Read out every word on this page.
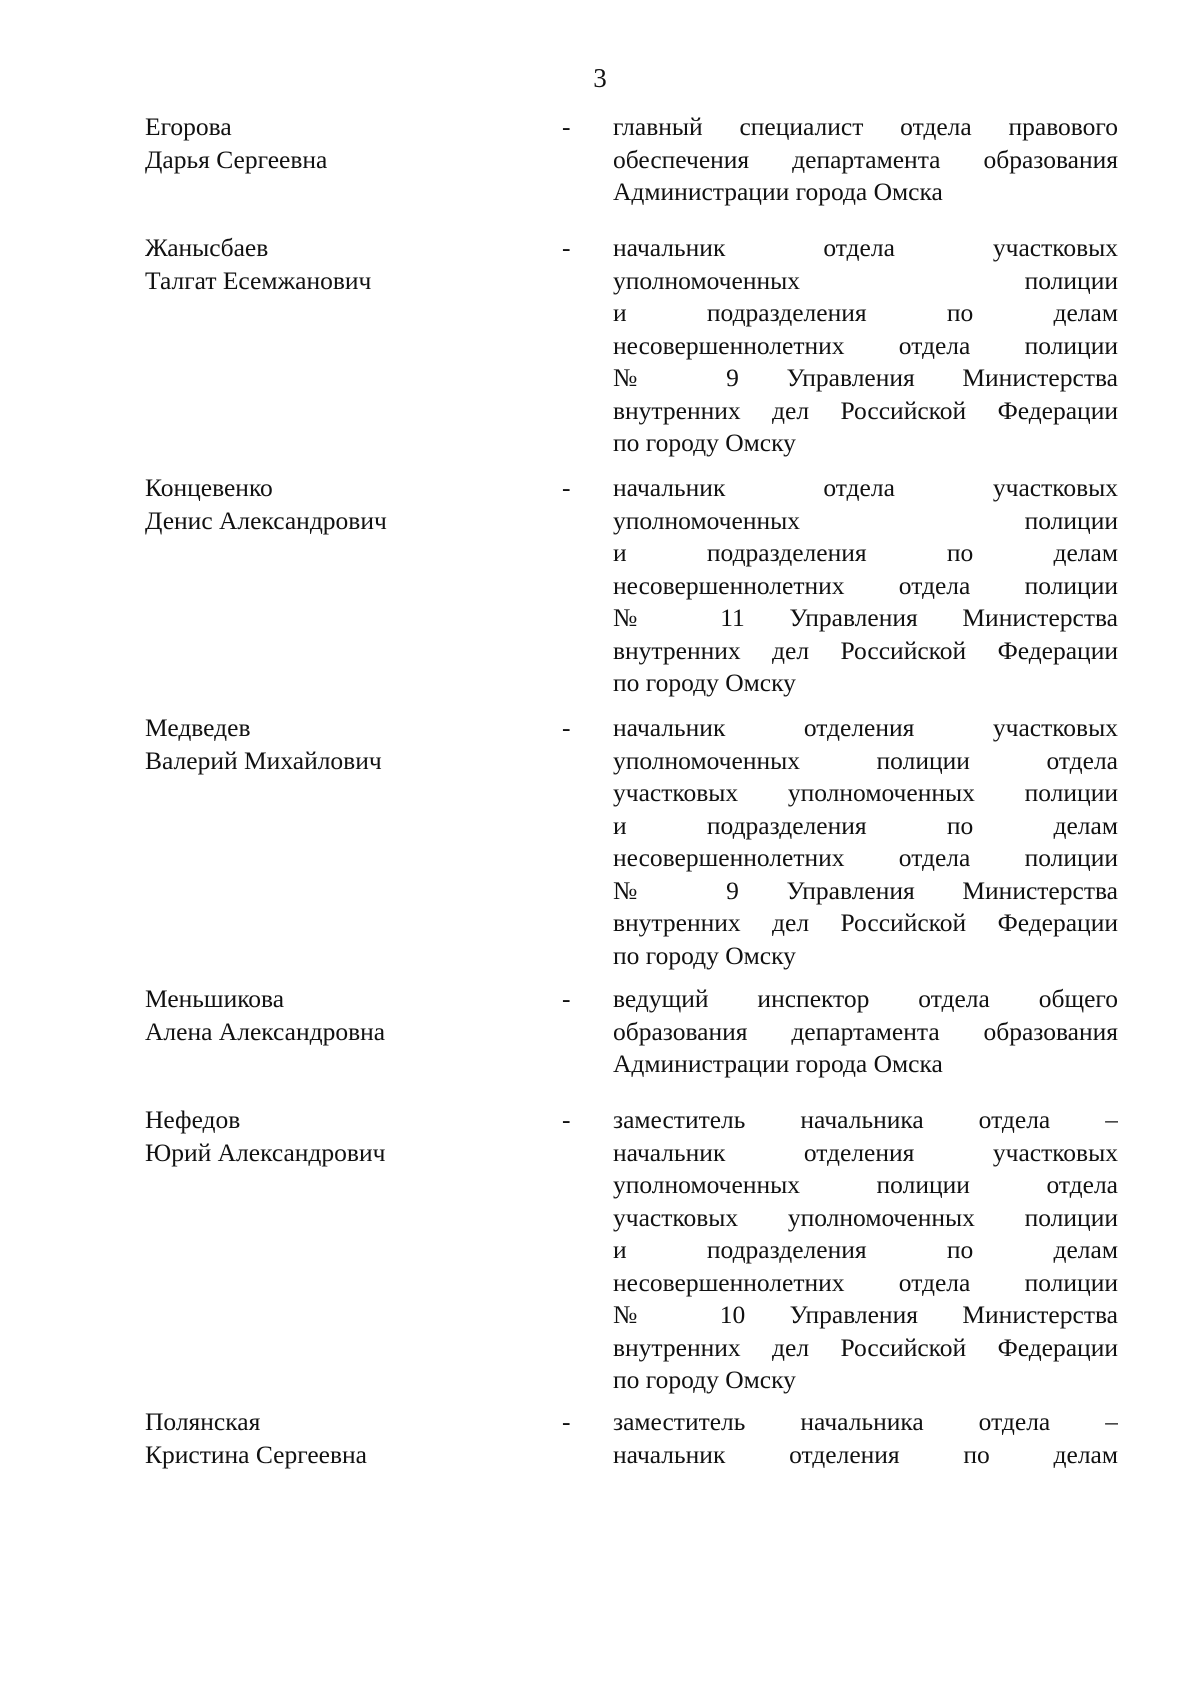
3
Егорова
Дарья Сергеевна
- главный специалист отдела правового
обеспечения департамента образования
Администрации города Омска
Жаныcбаев
Талгат Есемжанович
- начальник отдела участковых
уполномоченных полиции
и подразделения по делам
несовершеннолетних отдела полиции
№ 9 Управления Министерства
внутренних дел Российской Федерации
по городу Омску
Концевенко
Денис Александрович
- начальник отдела участковых
уполномоченных полиции
и подразделения по делам
несовершеннолетних отдела полиции
№ 11 Управления Министерства
внутренних дел Российской Федерации
по городу Омску
Медведев
Валерий Михайлович
- начальник отделения участковых
уполномоченных полиции отдела
участковых уполномоченных полиции
и подразделения по делам
несовершеннолетних отдела полиции
№ 9 Управления Министерства
внутренних дел Российской Федерации
по городу Омску
Меньшикова
Алена Александровна
- ведущий инспектор отдела общего
образования департамента образования
Администрации города Омска
Нефедов
Юрий Александрович
- заместитель начальника отдела –
начальник отделения участковых
уполномоченных полиции отдела
участковых уполномоченных полиции
и подразделения по делам
несовершеннолетних отдела полиции
№ 10 Управления Министерства
внутренних дел Российской Федерации
по городу Омску
Полянская
Кристина Сергеевна
- заместитель начальника отдела –
начальник отделения по делам
